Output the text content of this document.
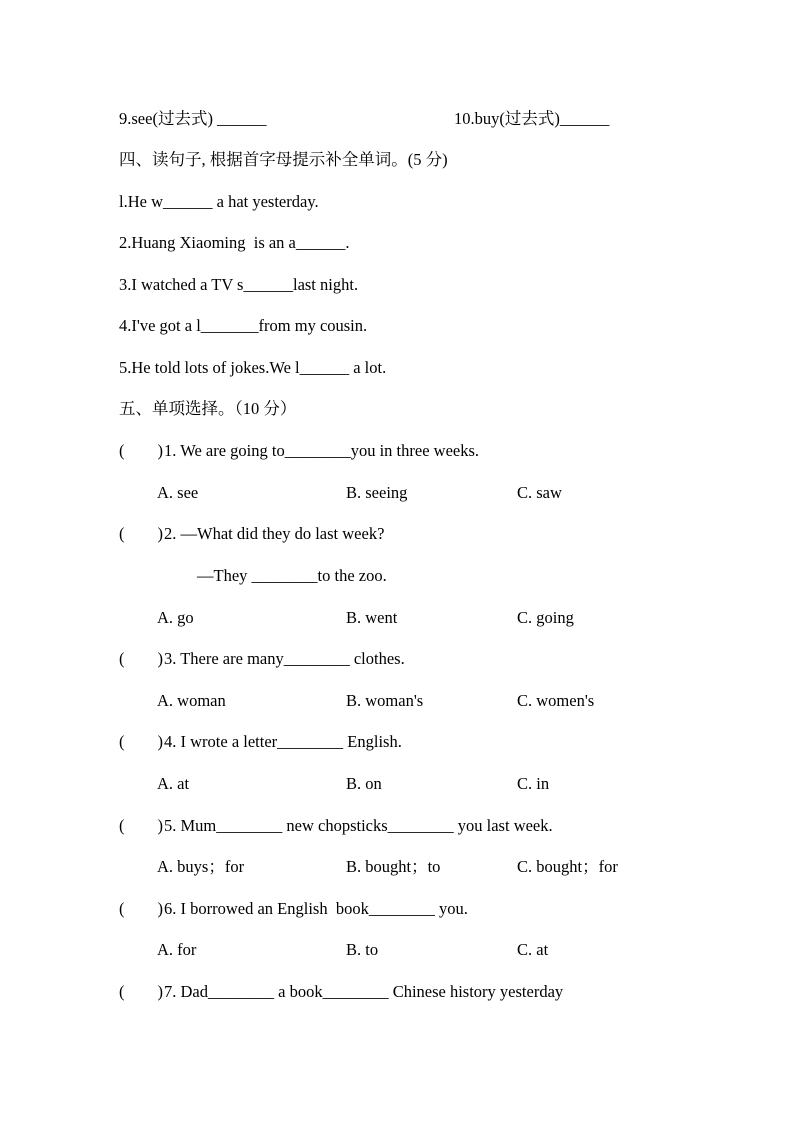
9.see(过去式) ______	10.buy(过去式)______
四、读句子, 根据首字母提示补全单词。(5 分)
l.He w______ a hat yesterday.
2.Huang Xiaoming  is an a______.
3.I watched a TV s______last night.
4.I've got a l_______from my cousin.
5.He told lots of jokes.We l______ a lot.
五、单项选择。（10 分）
(        ) 1. We are going to________you in three weeks.
A. see	B. seeing	C. saw
(        ) 2. —What did they do last week?
—They ________to the zoo.
A. go	B. went	C. going
(        ) 3. There are many________ clothes.
A. woman	B. woman's	C. women's
(        ) 4. I wrote a letter________ English.
A. at	B. on	C. in
(        ) 5. Mum________ new chopsticks________ you last week.
A. buys；for	B. bought；to	C. bought；for
(        ) 6. I borrowed an English  book________ you.
A. for	B. to	C. at
(        ) 7. Dad________ a book________ Chinese history yesterday
